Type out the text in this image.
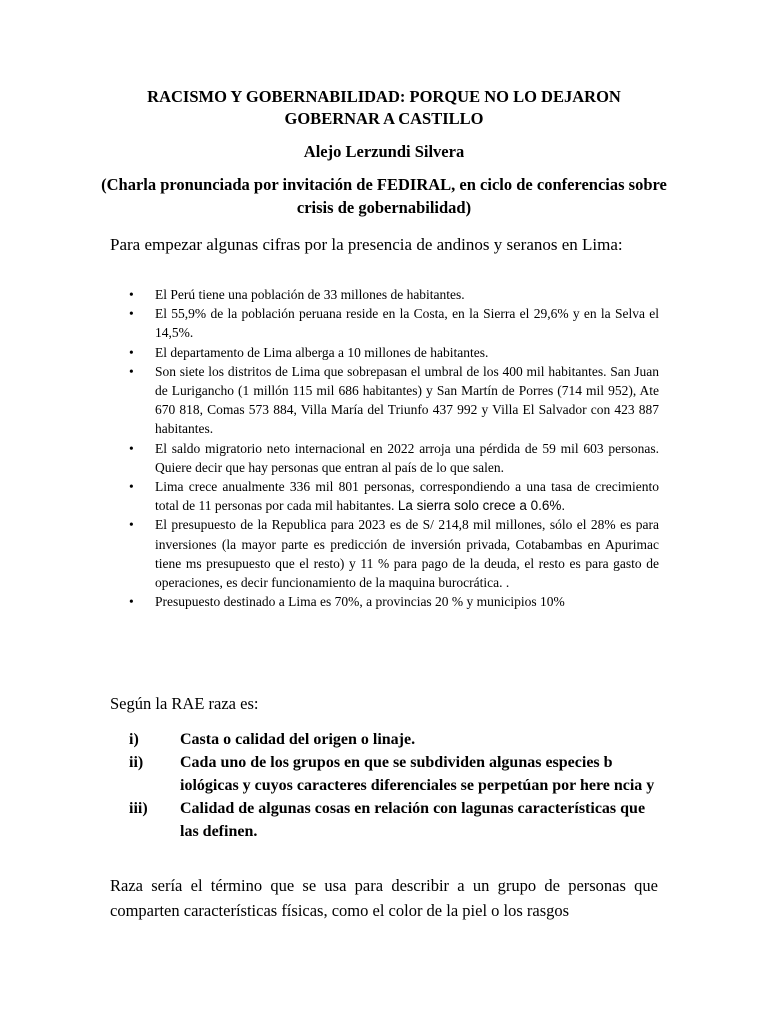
RACISMO Y GOBERNABILIDAD: PORQUE NO LO DEJARON GOBERNAR A CASTILLO
Alejo Lerzundi Silvera
(Charla pronunciada por invitación de FEDIRAL, en ciclo de conferencias sobre crisis de gobernabilidad)

Para empezar algunas cifras por la presencia de andinos y seranos en Lima:

• El Perú tiene una población de 33 millones de habitantes.
• El 55,9% de la población peruana reside en la Costa, en la Sierra el 29,6% y en la Selva el 14,5%.
• El departamento de Lima alberga a 10 millones de habitantes.
• Son siete los distritos de Lima que sobrepasan el umbral de los 400 mil habitantes. San Juan de Lurigancho (1 millón 115 mil 686 habitantes) y San Martín de Porres (714 mil 952), Ate 670 818, Comas 573 884, Villa María del Triunfo 437 992 y Villa El Salvador con 423 887 habitantes.
• El saldo migratorio neto internacional en 2022 arroja una pérdida de 59 mil 603 personas. Quiere decir que hay personas que entran al país de lo que salen.
• Lima crece anualmente 336 mil 801 personas, correspondiendo a una tasa de crecimiento total de 11 personas por cada mil habitantes. La sierra solo crece a 0.6%.
• El presupuesto de la Republica para 2023 es de S/ 214,8 mil millones, sólo el 28% es para inversiones (la mayor parte es predicción de inversión privada, Cotabambas en Apurimac tiene ms presupuesto que el resto) y 11 % para pago de la deuda, el resto es para gasto de operaciones, es decir funcionamiento de la maquina burocrática. .
• Presupuesto destinado a Lima es 70%, a provincias 20 % y municipios 10%

Según la RAE raza es:

i)	Casta o calidad del origen o linaje.
ii) Cada uno de los grupos en que se subdividen algunas especies b iológicas y cuyos caracteres diferenciales se perpetúan por here ncia y
iii) Calidad de algunas cosas en relación con lagunas características que las definen.

Raza sería el término que se usa para describir a un grupo de personas que comparten características físicas, como el color de la piel o los rasgos
